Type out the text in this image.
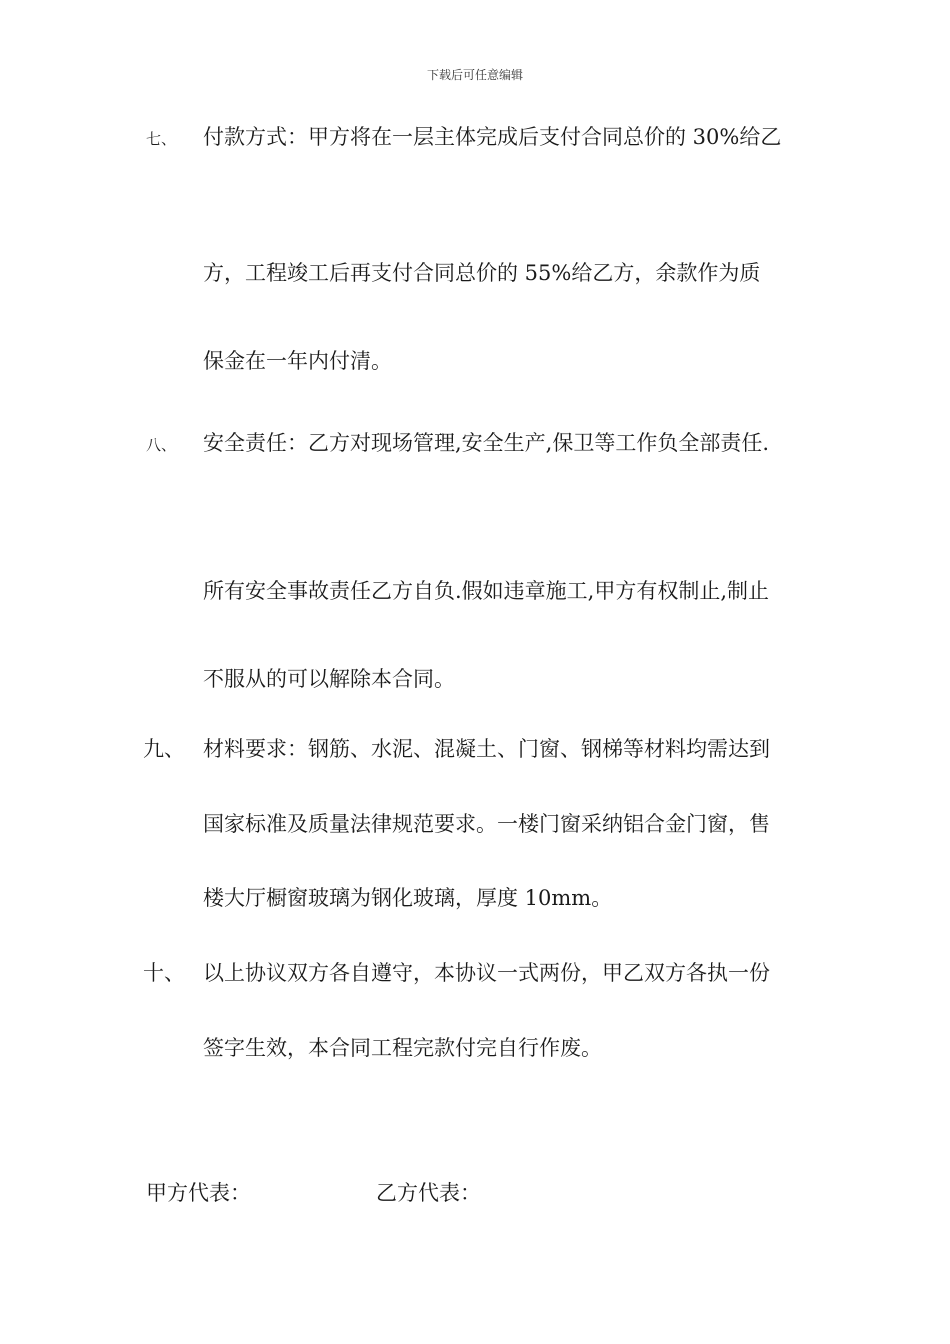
下载后可任意编辑
七、 付款方式：甲方将在一层主体完成后支付合同总价的 30%给乙
方，工程竣工后再支付合同总价的 55%给乙方，余款作为质
保金在一年内付清。
八、 安全责任：乙方对现场管理,安全生产,保卫等工作负全部责任.
所有安全事故责任乙方自负.假如违章施工,甲方有权制止,制止
不服从的可以解除本合同。
九、 材料要求：钢筋、水泥、混凝土、门窗、钢梯等材料均需达到
国家标准及质量法律规范要求。一楼门窗采纳铝合金门窗，售
楼大厅橱窗玻璃为钢化玻璃，厚度 10mm。
十、 以上协议双方各自遵守，本协议一式两份，甲乙双方各执一份
签字生效，本合同工程完款付完自行作废。
甲方代表：	乙方代表：
